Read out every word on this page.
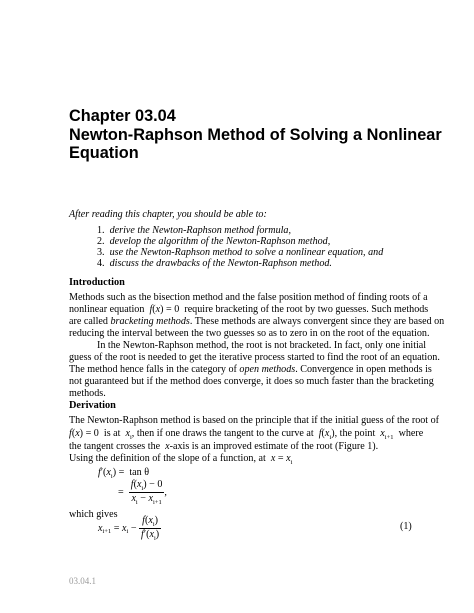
Chapter 03.04
Newton-Raphson Method of Solving a Nonlinear
Equation
After reading this chapter, you should be able to:
1. derive the Newton-Raphson method formula,
2. develop the algorithm of the Newton-Raphson method,
3. use the Newton-Raphson method to solve a nonlinear equation, and
4. discuss the drawbacks of the Newton-Raphson method.
Introduction
Methods such as the bisection method and the false position method of finding roots of a
nonlinear equation f(x) = 0 require bracketing of the root by two guesses. Such methods
are called bracketing methods. These methods are always convergent since they are based on
reducing the interval between the two guesses so as to zero in on the root of the equation.
In the Newton-Raphson method, the root is not bracketed. In fact, only one initial
guess of the root is needed to get the iterative process started to find the root of an equation.
The method hence falls in the category of open methods. Convergence in open methods is
not guaranteed but if the method does converge, it does so much faster than the bracketing
methods.
Derivation
The Newton-Raphson method is based on the principle that if the initial guess of the root of
f(x) = 0 is at $x_i$, then if one draws the tangent to the curve at $f(x_i)$, the point $x_{i+1}$ where
the tangent crosses the x-axis is an improved estimate of the root (Figure 1).
Using the definition of the slope of a function, at $x = x_i$
$f'(x_i) = \tan \theta$
= $\frac{f(x_i) - 0}{x_i - x_{i+1}}$ ,
which gives
$x_{i+1} = x_i - \frac{f(x_i)}{f'(x_i)}$	(1)
03.04.1
